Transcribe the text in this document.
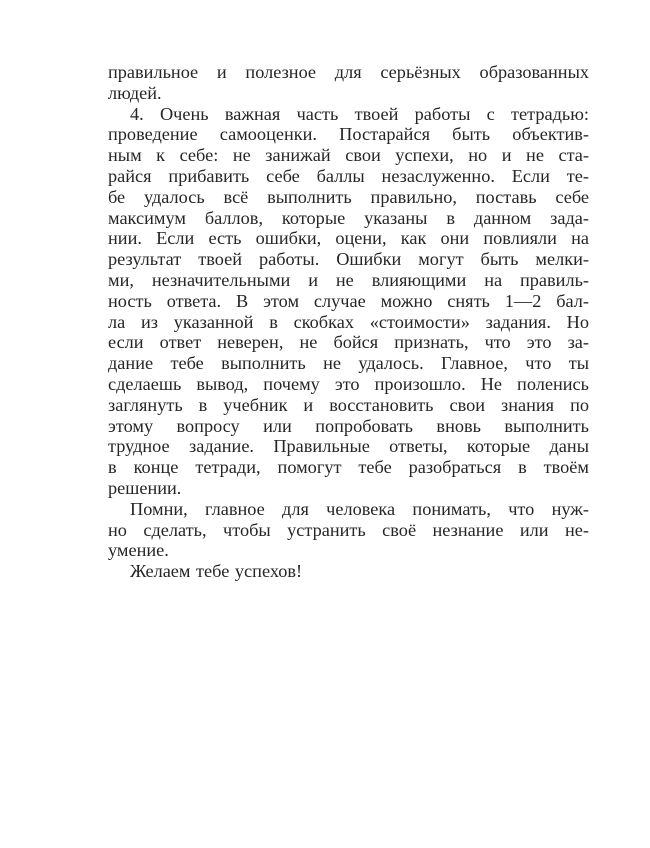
правильное и полезное для серьёзных образованных
людей.

4. Очень важная часть твоей работы с тетрадью:
проведение самооценки. Постарайся быть объектив-
ным к себе: не занижай свои успехи, но и не ста-
райся прибавить себе баллы незаслуженно. Если те-
бе удалось всё выполнить правильно, поставь себе
максимум баллов, которые указаны в данном зада-
нии. Если есть ошибки, оцени, как они повлияли на
результат твоей работы. Ошибки могут быть мелки-
ми, незначительными и не влияющими на правиль-
ность ответа. В этом случае можно снять 1—2 бал-
ла из указанной в скобках «стоимости» задания. Но
если ответ неверен, не бойся признать, что это за-
дание тебе выполнить не удалось. Главное, что ты
сделаешь вывод, почему это произошло. Не поленись
заглянуть в учебник и восстановить свои знания по
этому вопросу или попробовать вновь выполнить
трудное задание. Правильные ответы, которые даны
в конце тетради, помогут тебе разобраться в твоём
решении.

Помни, главное для человека понимать, что нуж-
но сделать, чтобы устранить своё незнание или не-
умение.

Желаем тебе успехов!
